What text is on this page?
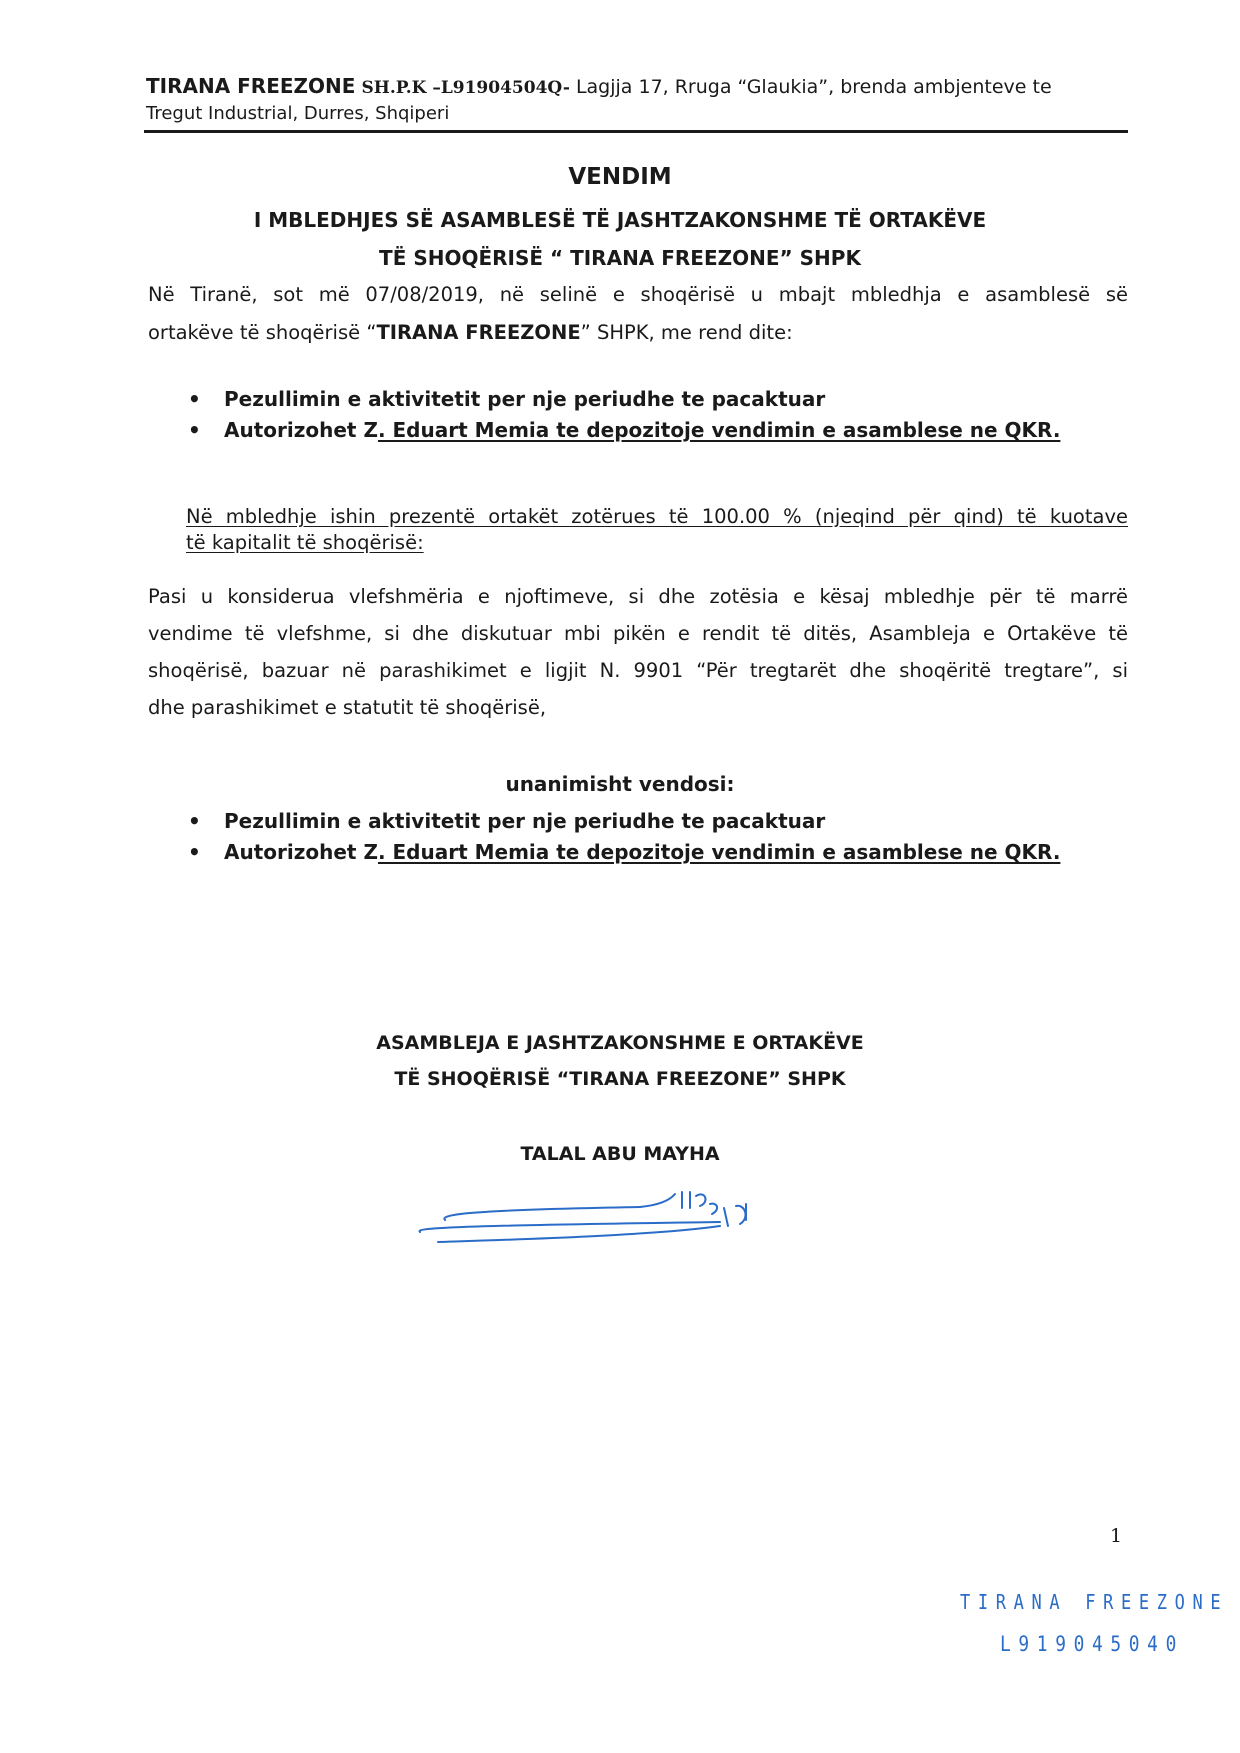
TIRANA FREEZONE SH.P.K –L91904504Q- Lagjja 17, Rruga “Glaukia”, brenda ambjenteve te
Tregut Industrial, Durres, Shqiperi
VENDIM
I MBLEDHJES SË ASAMBLESË TË JASHTZAKONSHME TË ORTAKËVE
TË SHOQËRISË “ TIRANA FREEZONE” SHPK
Në Tiranë, sot më 07/08/2019, në selinë e shoqërisë u mbajt mbledhja e asamblesë së
ortakëve të shoqërisë “TIRANA FREEZONE” SHPK, me rend dite:
• Pezullimin e aktivitetit per nje periudhe te pacaktuar
• Autorizohet Z. Eduart Memia te depozitoje vendimin e asamblese ne QKR.
Në mbledhje ishin prezentë ortakët zotërues të 100.00 % (njeqind për qind) të kuotave
të kapitalit të shoqërisë:
Pasi u konsiderua vlefshmëria e njoftimeve, si dhe zotësia e kësaj mbledhje për të marrë
vendime të vlefshme, si dhe diskutuar mbi pikën e rendit të ditës, Asambleja e Ortakëve të
shoqërisë, bazuar në parashikimet e ligjit N. 9901 “Për tregtarët dhe shoqëritë tregtare”, si
dhe parashikimet e statutit të shoqërisë,
unanimisht vendosi:
• Pezullimin e aktivitetit per nje periudhe te pacaktuar
• Autorizohet Z. Eduart Memia te depozitoje vendimin e asamblese ne QKR.
ASAMBLEJA E JASHTZAKONSHME E ORTAKËVE
TË SHOQËRISË “TIRANA FREEZONE” SHPK
TALAL ABU MAYHA
1
TIRANA FREEZONE
L919045040
